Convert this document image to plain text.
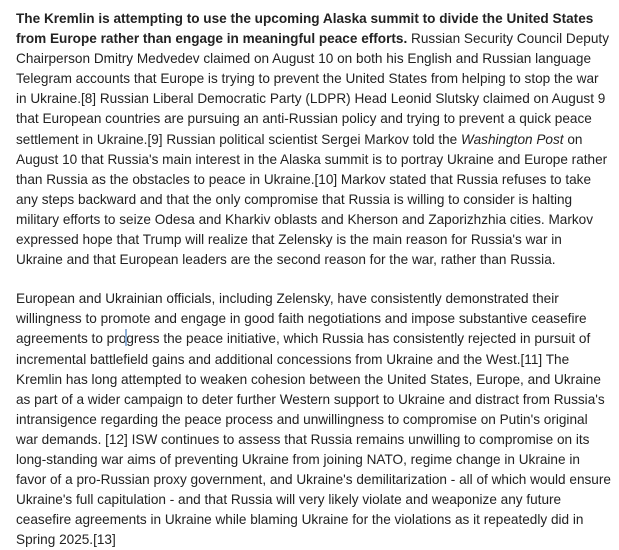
The Kremlin is attempting to use the upcoming Alaska summit to divide the United States from Europe rather than engage in meaningful peace efforts. Russian Security Council Deputy Chairperson Dmitry Medvedev claimed on August 10 on both his English and Russian language Telegram accounts that Europe is trying to prevent the United States from helping to stop the war in Ukraine.[8] Russian Liberal Democratic Party (LDPR) Head Leonid Slutsky claimed on August 9 that European countries are pursuing an anti-Russian policy and trying to prevent a quick peace settlement in Ukraine.[9] Russian political scientist Sergei Markov told the Washington Post on August 10 that Russia's main interest in the Alaska summit is to portray Ukraine and Europe rather than Russia as the obstacles to peace in Ukraine.[10] Markov stated that Russia refuses to take any steps backward and that the only compromise that Russia is willing to consider is halting military efforts to seize Odesa and Kharkiv oblasts and Kherson and Zaporizhzhia cities. Markov expressed hope that Trump will realize that Zelensky is the main reason for Russia's war in Ukraine and that European leaders are the second reason for the war, rather than Russia.

European and Ukrainian officials, including Zelensky, have consistently demonstrated their willingness to promote and engage in good faith negotiations and impose substantive ceasefire agreements to progress the peace initiative, which Russia has consistently rejected in pursuit of incremental battlefield gains and additional concessions from Ukraine and the West.[11] The Kremlin has long attempted to weaken cohesion between the United States, Europe, and Ukraine as part of a wider campaign to deter further Western support to Ukraine and distract from Russia's intransigence regarding the peace process and unwillingness to compromise on Putin's original war demands. [12] ISW continues to assess that Russia remains unwilling to compromise on its long-standing war aims of preventing Ukraine from joining NATO, regime change in Ukraine in favor of a pro-Russian proxy government, and Ukraine's demilitarization - all of which would ensure Ukraine's full capitulation - and that Russia will very likely violate and weaponize any future ceasefire agreements in Ukraine while blaming Ukraine for the violations as it repeatedly did in Spring 2025.[13]
